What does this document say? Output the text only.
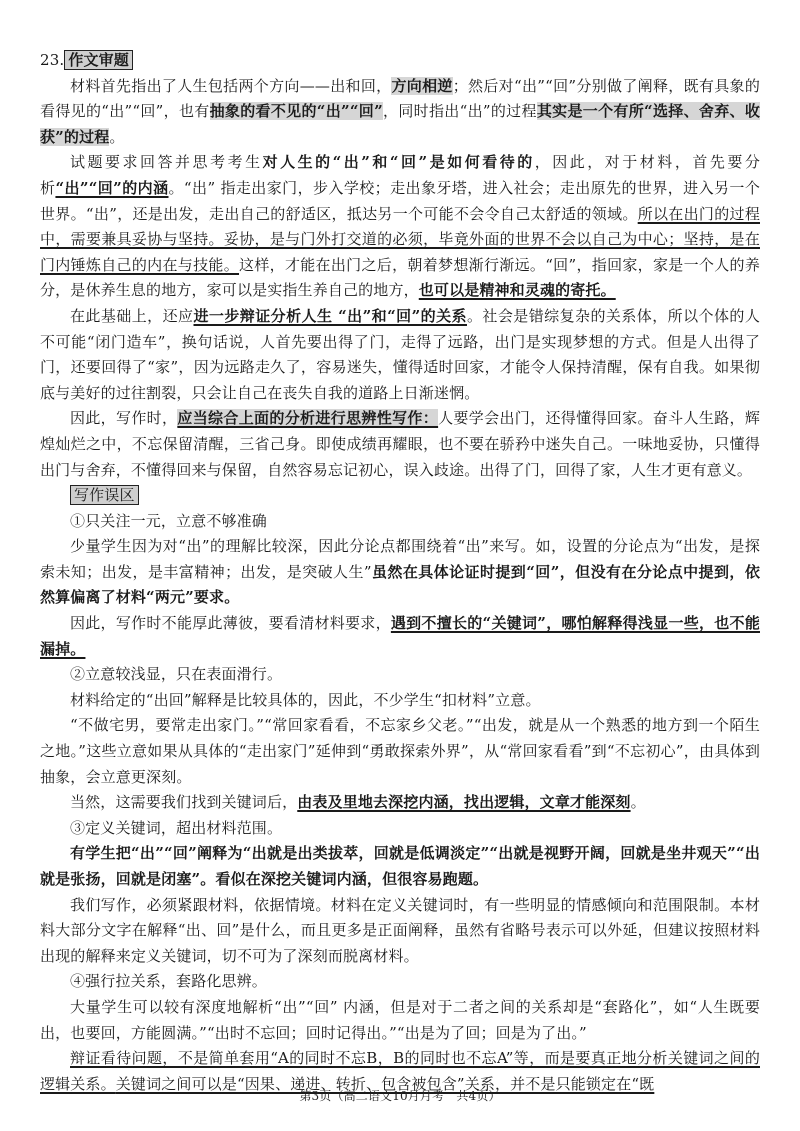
23. 作文审题

材料首先指出了人生包括两个方向——出和回，方向相逆；然后对“出”“回”分别做了阐释，既有具象的看得见的“出”“回”，也有抽象的看不见的“出”“回”，同时指出“出”的过程其实是一个有所“选择、舍弃、收获”的过程。

试题要求回答并思考考生对人生的“出”和“回”是如何看待的，因此，对于材料，首先要分析“出”“回”的内涵。“出” 指走出家门，步入学校；走出象牙塔，进入社会；走出原先的世界，进入另一个世界。“出”，还是出发，走出自己的舒适区，抵达另一个可能不会令自己太舒适的领域。所以在出门的过程中，需要兼具妥协与坚持。妥协，是与门外打交道的必须，毕竟外面的世界不会以自己为中心；坚持，是在门内锤炼自己的内在与技能。这样，才能在出门之后，朝着梦想渐行渐远。“回”，指回家，家是一个人的养分，是休养生息的地方，家可以是实指生养自己的地方，也可以是精神和灵魂的寄托。

在此基础上，还应进一步辩证分析人生 “出”和“回”的关系。社会是错综复杂的关系体，所以个体的人不可能“闭门造车”，换句话说，人首先要出得了门，走得了远路，出门是实现梦想的方式。但是人出得了门，还要回得了“家”，因为远路走久了，容易迷失，懂得适时回家，才能令人保持清醒，保有自我。如果彻底与美好的过往割裂，只会让自己在丧失自我的道路上日渐迷惘。

因此，写作时，应当综合上面的分析进行思辨性写作：人要学会出门，还得懂得回家。奋斗人生路，辉煌灿烂之中，不忘保留清醒，三省己身。即使成绩再耀眼，也不要在骄矜中迷失自己。一味地妥协，只懂得出门与舍弃，不懂得回来与保留，自然容易忘记初心，误入歧途。出得了门，回得了家，人生才更有意义。

写作误区

①只关注一元，立意不够准确

少量学生因为对“出”的理解比较深，因此分论点都围绕着“出”来写。如，设置的分论点为“出发，是探索未知；出发，是丰富精神；出发，是突破人生”虽然在具体论证时提到“回”，但没有在分论点中提到，依然算偏离了材料“两元”要求。

因此，写作时不能厚此薄彼，要看清材料要求，遇到不擅长的“关键词”，哪怕解释得浅显一些，也不能漏掉。

②立意较浅显，只在表面滑行。

材料给定的“出回”解释是比较具体的，因此，不少学生“扣材料”立意。

“不做宅男，要常走出家门。”“常回家看看，不忘家乡父老。”“出发，就是从一个熟悉的地方到一个陌生之地。”这些立意如果从具体的“走出家门”延伸到“勇敢探索外界”，从“常回家看看”到“不忘初心”，由具体到抽象，会立意更深刻。

当然，这需要我们找到关键词后，由表及里地去深挖内涵，找出逻辑，文章才能深刻。

③定义关键词，超出材料范围。

有学生把“出”“回”阐释为“出就是出类拔萃，回就是低调淡定”“出就是视野开阔，回就是坐井观天”“出就是张扬，回就是闭塞”。看似在深挖关键词内涵，但很容易跑题。

我们写作，必须紧跟材料，依据情境。材料在定义关键词时，有一些明显的情感倾向和范围限制。本材料大部分文字在解释“出、回”是什么，而且更多是正面阐释，虽然有省略号表示可以外延，但建议按照材料出现的解释来定义关键词，切不可为了深刻而脱离材料。

④强行拉关系，套路化思辨。

大量学生可以较有深度地解析“出”“回” 内涵，但是对于二者之间的关系却是“套路化”，如“人生既要出，也要回，方能圆满。”“出时不忘回；回时记得出。”“出是为了回；回是为了出。”

辩证看待问题，不是简单套用“A的同时不忘B，B的同时也不忘A”等，而是要真正地分析关键词之间的逻辑关系。关键词之间可以是“因果、递进、转折、包含被包含”关系，并不是只能锁定在“既

第3页（高二语文10月月考　共4页）
